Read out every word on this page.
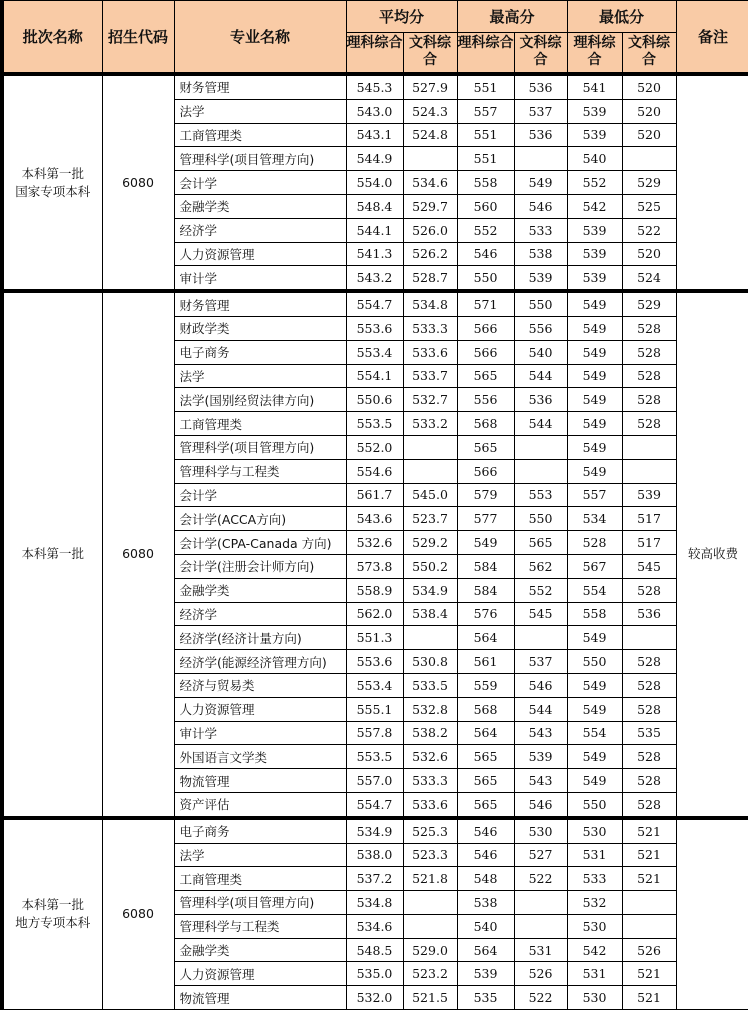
批次名称	招生代码	专业名称	平均分		最高分		最低分		备注
			理科综合	文科综合	理科综合	文科综合	理科综合	文科综合	
本科第一批
国家专项本科	6080	财务管理	545.3	527.9	551	536	541	520	
		法学	543.0	524.3	557	537	539	520	
		工商管理类	543.1	524.8	551	536	539	520	
		管理科学(项目管理方向)	544.9		551		540		
		会计学	554.0	534.6	558	549	552	529	
		金融学类	548.4	529.7	560	546	542	525	
		经济学	544.1	526.0	552	533	539	522	
		人力资源管理	541.3	526.2	546	538	539	520	
		审计学	543.2	528.7	550	539	539	524	
本科第一批	6080	财务管理	554.7	534.8	571	550	549	529	较高收费
		财政学类	553.6	533.3	566	556	549	528	
		电子商务	553.4	533.6	566	540	549	528	
		法学	554.1	533.7	565	544	549	528	
		法学(国别经贸法律方向)	550.6	532.7	556	536	549	528	
		工商管理类	553.5	533.2	568	544	549	528	
		管理科学(项目管理方向)	552.0		565		549		
		管理科学与工程类	554.6		566		549		
		会计学	561.7	545.0	579	553	557	539	
		会计学(ACCA方向)	543.6	523.7	577	550	534	517	
		会计学(CPA-Canada 方向)	532.6	529.2	549	565	528	517	
		会计学(注册会计师方向)	573.8	550.2	584	562	567	545	
		金融学类	558.9	534.9	584	552	554	528	
		经济学	562.0	538.4	576	545	558	536	
		经济学(经济计量方向)	551.3		564		549		
		经济学(能源经济管理方向)	553.6	530.8	561	537	550	528	
		经济与贸易类	553.4	533.5	559	546	549	528	
		人力资源管理	555.1	532.8	568	544	549	528	
		审计学	557.8	538.2	564	543	554	535	
		外国语言文学类	553.5	532.6	565	539	549	528	
		物流管理	557.0	533.3	565	543	549	528	
		资产评估	554.7	533.6	565	546	550	528	
本科第一批
地方专项本科	6080	电子商务	534.9	525.3	546	530	530	521	
		法学	538.0	523.3	546	527	531	521	
		工商管理类	537.2	521.8	548	522	533	521	
		管理科学(项目管理方向)	534.8		538		532		
		管理科学与工程类	534.6		540		530		
		金融学类	548.5	529.0	564	531	542	526	
		人力资源管理	535.0	523.2	539	526	531	521	
		物流管理	532.0	521.5	535	522	530	521	
